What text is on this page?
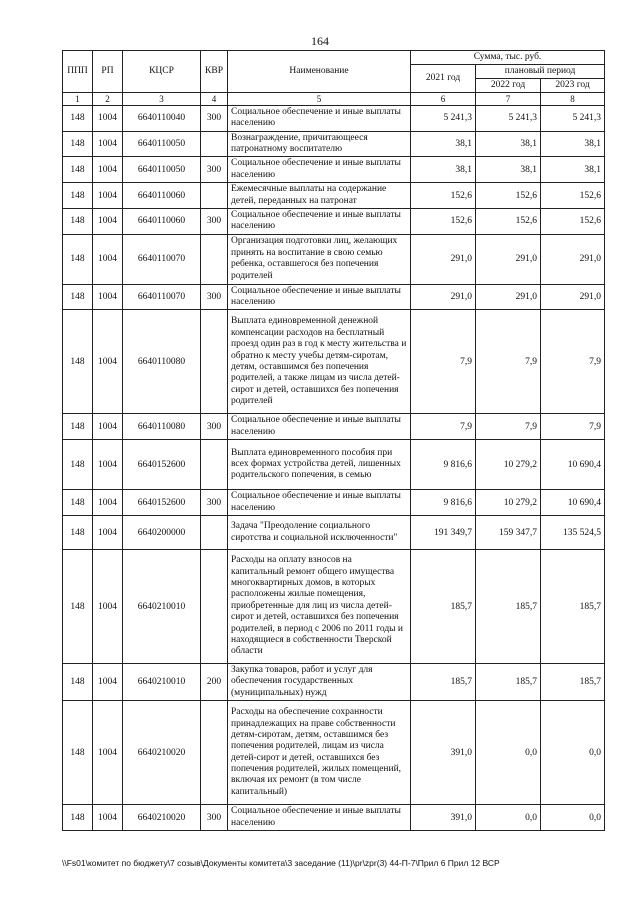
164
ППП	РП	КЦСР	КВР	Наименование	Сумма, тыс. руб.		
					2021 год	плановый период	
						2022 год	2023 год
1	2	3	4	5	6	7	8
148	1004	6640110040	300	Социальное обеспечение и иные выплаты населению	5 241,3	5 241,3	5 241,3
148	1004	6640110050		Вознаграждение, причитающееся патронатному воспитателю	38,1	38,1	38,1
148	1004	6640110050	300	Социальное обеспечение и иные выплаты населению	38,1	38,1	38,1
148	1004	6640110060		Ежемесячные выплаты на содержание детей, переданных на патронат	152,6	152,6	152,6
148	1004	6640110060	300	Социальное обеспечение и иные выплаты населению	152,6	152,6	152,6
148	1004	6640110070		Организация подготовки лиц, желающих принять на воспитание в свою семью ребенка, оставшегося без попечения родителей	291,0	291,0	291,0
148	1004	6640110070	300	Социальное обеспечение и иные выплаты населению	291,0	291,0	291,0
148	1004	6640110080		Выплата единовременной денежной компенсации расходов на бесплатный проезд один раз в год к месту жительства и обратно к месту учебы детям-сиротам, детям, оставшимся без попечения родителей, а также лицам из числа детей-сирот и детей, оставшихся без попечения родителей	7,9	7,9	7,9
148	1004	6640110080	300	Социальное обеспечение и иные выплаты населению	7,9	7,9	7,9
148	1004	6640152600		Выплата единовременного пособия при всех формах устройства детей, лишенных родительского попечения, в семью	9 816,6	10 279,2	10 690,4
148	1004	6640152600	300	Социальное обеспечение и иные выплаты населению	9 816,6	10 279,2	10 690,4
148	1004	6640200000		Задача "Преодоление социального сиротства и социальной исключенности"	191 349,7	159 347,7	135 524,5
148	1004	6640210010		Расходы на оплату взносов на капитальный ремонт общего имущества многоквартирных домов, в которых расположены жилые помещения, приобретенные для лиц из числа детей-сирот и детей, оставшихся без попечения родителей, в период с 2006 по 2011 годы и находящиеся в собственности Тверской области	185,7	185,7	185,7
148	1004	6640210010	200	Закупка товаров, работ и услуг для обеспечения государственных (муниципальных) нужд	185,7	185,7	185,7
148	1004	6640210020		Расходы на обеспечение сохранности принадлежащих на праве собственности детям-сиротам, детям, оставшимся без попечения родителей, лицам из числа детей-сирот и детей, оставшихся без попечения родителей, жилых помещений, включая их ремонт (в том числе капитальный)	391,0	0,0	0,0
148	1004	6640210020	300	Социальное обеспечение и иные выплаты населению	391,0	0,0	0,0
\\Fs01\комитет по бюджету\7 созыв\Документы комитета\3 заседание (11)\pr\zpr(3) 44-П-7\Прил 6 Прил 12 ВСР
